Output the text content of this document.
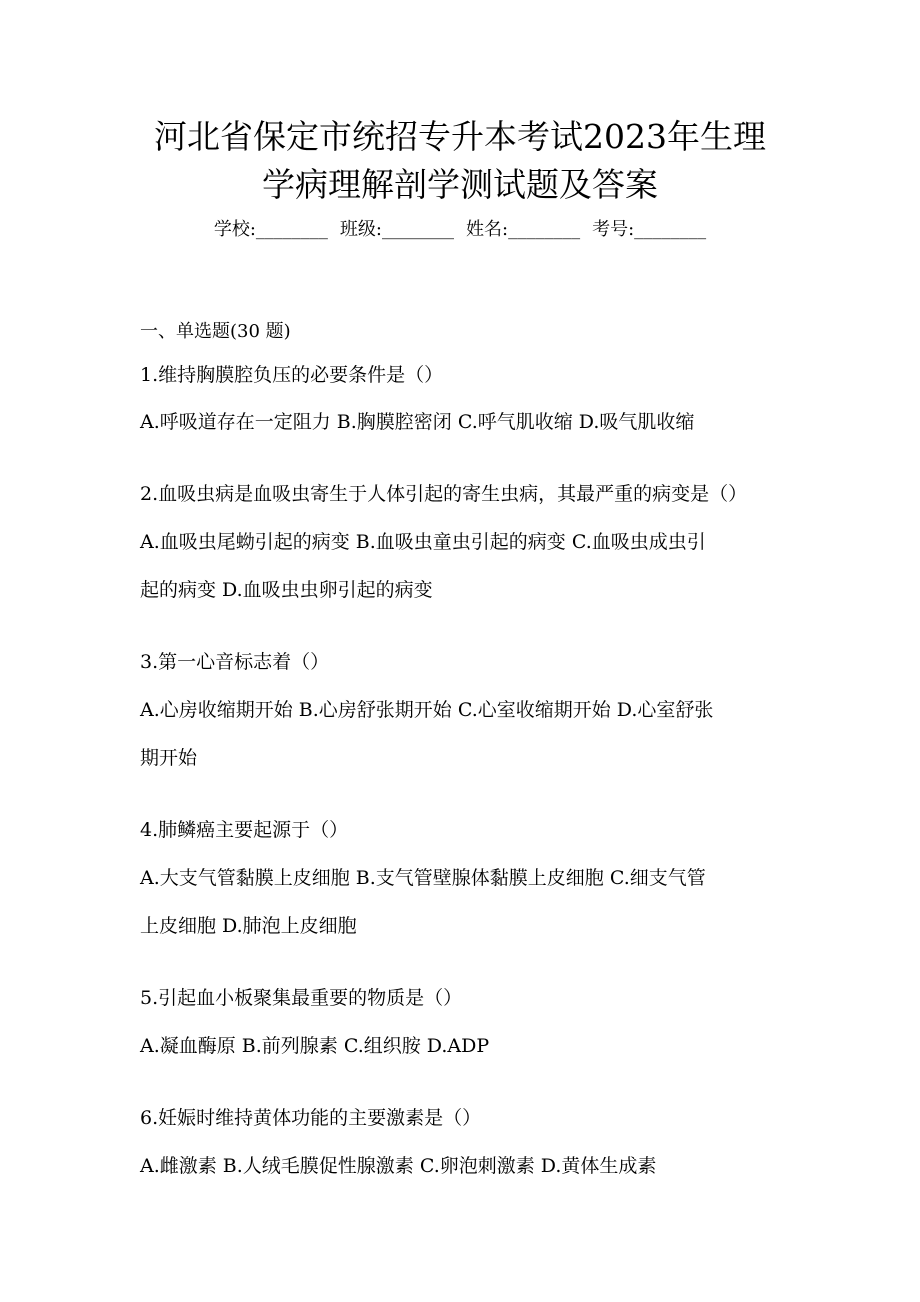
河北省保定市统招专升本考试2023年生理
学病理解剖学测试题及答案
学校:________ 班级:________ 姓名:________ 考号:________
一、单选题(30 题)
1.维持胸膜腔负压的必要条件是（）
A.呼吸道存在一定阻力 B.胸膜腔密闭 C.呼气肌收缩 D.吸气肌收缩
2.血吸虫病是血吸虫寄生于人体引起的寄生虫病，其最严重的病变是（）
A.血吸虫尾蚴引起的病变 B.血吸虫童虫引起的病变 C.血吸虫成虫引
起的病变 D.血吸虫虫卵引起的病变
3.第一心音标志着（）
A.心房收缩期开始 B.心房舒张期开始 C.心室收缩期开始 D.心室舒张
期开始
4.肺鳞癌主要起源于（）
A.大支气管黏膜上皮细胞 B.支气管壁腺体黏膜上皮细胞 C.细支气管
上皮细胞 D.肺泡上皮细胞
5.引起血小板聚集最重要的物质是（）
A.凝血酶原 B.前列腺素 C.组织胺 D.ADP
6.妊娠时维持黄体功能的主要激素是（）
A.雌激素 B.人绒毛膜促性腺激素 C.卵泡刺激素 D.黄体生成素
